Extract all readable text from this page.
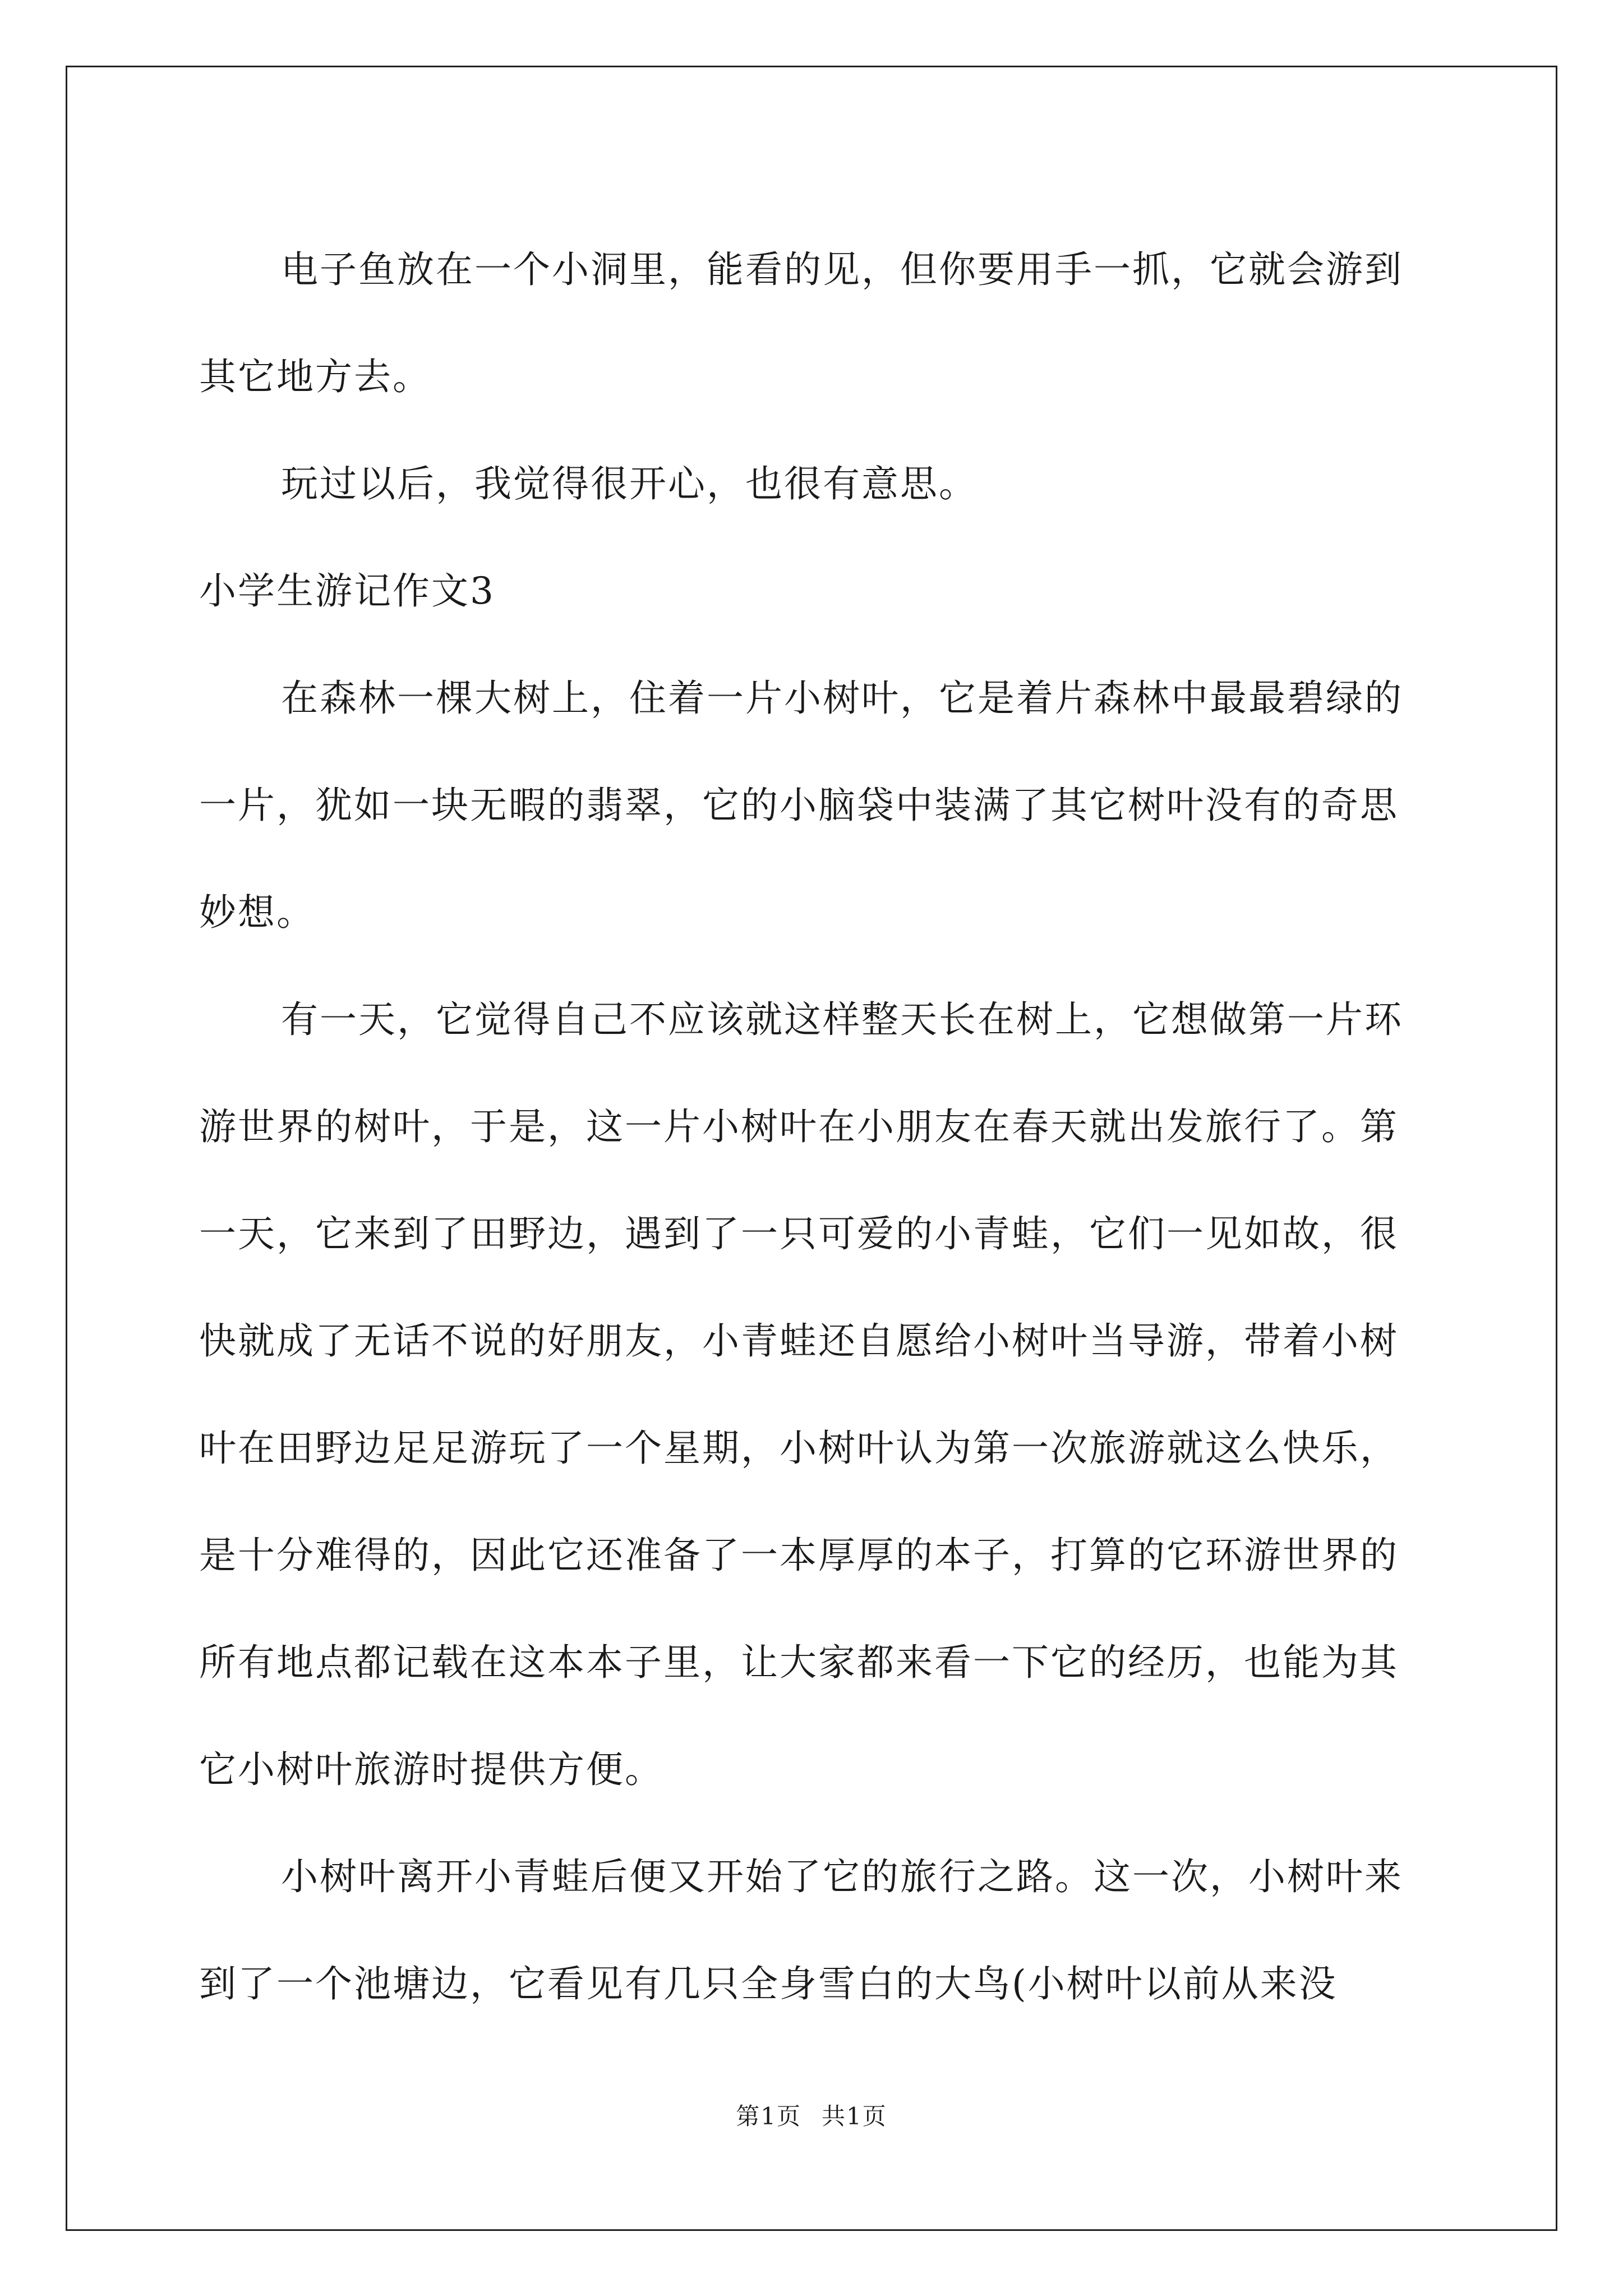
电子鱼放在一个小洞里，能看的见，但你要用手一抓，它就会游到其它地方去。

玩过以后，我觉得很开心，也很有意思。

小学生游记作文3

在森林一棵大树上，住着一片小树叶，它是着片森林中最最碧绿的一片，犹如一块无暇的翡翠，它的小脑袋中装满了其它树叶没有的奇思妙想。

有一天，它觉得自己不应该就这样整天长在树上，它想做第一片环游世界的树叶，于是，这一片小树叶在小朋友在春天就出发旅行了。第一天，它来到了田野边，遇到了一只可爱的小青蛙，它们一见如故，很快就成了无话不说的好朋友，小青蛙还自愿给小树叶当导游，带着小树叶在田野边足足游玩了一个星期，小树叶认为第一次旅游就这么快乐，是十分难得的，因此它还准备了一本厚厚的本子，打算的它环游世界的所有地点都记载在这本本子里，让大家都来看一下它的经历，也能为其它小树叶旅游时提供方便。

小树叶离开小青蛙后便又开始了它的旅行之路。这一次，小树叶来到了一个池塘边，它看见有几只全身雪白的大鸟(小树叶以前从来没

第1页 共1页
